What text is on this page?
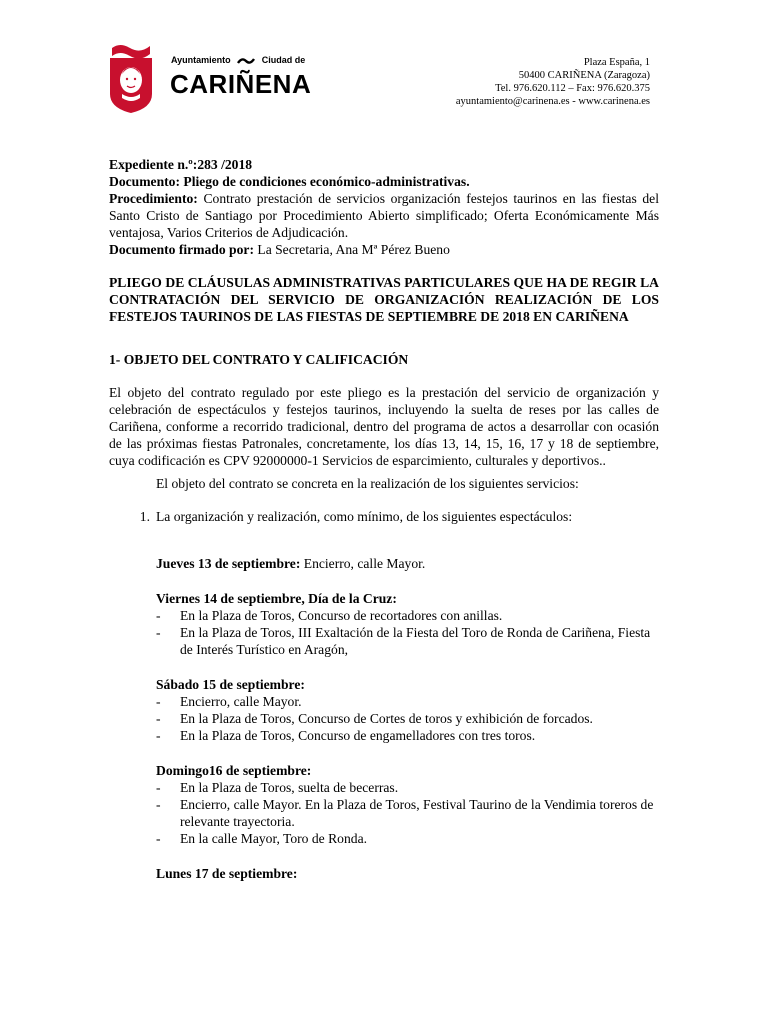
Ayuntamiento	Ciudad de
CARIÑENA
Plaza España, 1
50400 CARIÑENA (Zaragoza)
Tel. 976.620.112 – Fax: 976.620.375
ayuntamiento@carinena.es - www.carinena.es

Expediente n.º:283 /2018

Documento: Pliego de condiciones económico-administrativas.

Procedimiento: Contrato prestación de servicios organización festejos taurinos en las fiestas del Santo Cristo de Santiago por Procedimiento Abierto simplificado; Oferta Económicamente Más ventajosa, Varios Criterios de Adjudicación.

Documento firmado por: La Secretaria, Ana Mª Pérez Bueno

PLIEGO DE CLÁUSULAS ADMINISTRATIVAS PARTICULARES QUE HA DE REGIR LA CONTRATACIÓN DEL SERVICIO DE ORGANIZACIÓN REALIZACIÓN DE LOS FESTEJOS TAURINOS DE LAS FIESTAS DE SEPTIEMBRE DE 2018 EN CARIÑENA
1- OBJETO DEL CONTRATO Y CALIFICACIÓN
El objeto del contrato regulado por este pliego es la prestación del servicio de organización y celebración de espectáculos y festejos taurinos, incluyendo la suelta de reses por las calles de Cariñena, conforme a recorrido tradicional, dentro del programa de actos a desarrollar con ocasión de las próximas fiestas Patronales, concretamente, los días 13, 14, 15, 16, 17 y 18 de septiembre, cuya codificación es CPV 92000000-1 Servicios de esparcimiento, culturales y deportivos..
El objeto del contrato se concreta en la realización de los siguientes servicios:
1. La organización y realización, como mínimo, de los siguientes espectáculos:
Jueves 13 de septiembre: Encierro, calle Mayor.
Viernes 14 de septiembre, Día de la Cruz:
-	En la Plaza de Toros, Concurso de recortadores con anillas.
-	En la Plaza de Toros, III Exaltación de la Fiesta del Toro de Ronda de Cariñena, Fiesta de Interés Turístico en Aragón,
Sábado 15 de septiembre:
-	Encierro, calle Mayor.
-	En la Plaza de Toros, Concurso de Cortes de toros y exhibición de forcados.
-	En la Plaza de Toros, Concurso de engamelladores con tres toros.
Domingo16 de septiembre:
-	En la Plaza de Toros, suelta de becerras.
-	Encierro, calle Mayor. En la Plaza de Toros, Festival Taurino de la Vendimia toreros de relevante trayectoria.
-	En la calle Mayor, Toro de Ronda.
Lunes 17 de septiembre:
